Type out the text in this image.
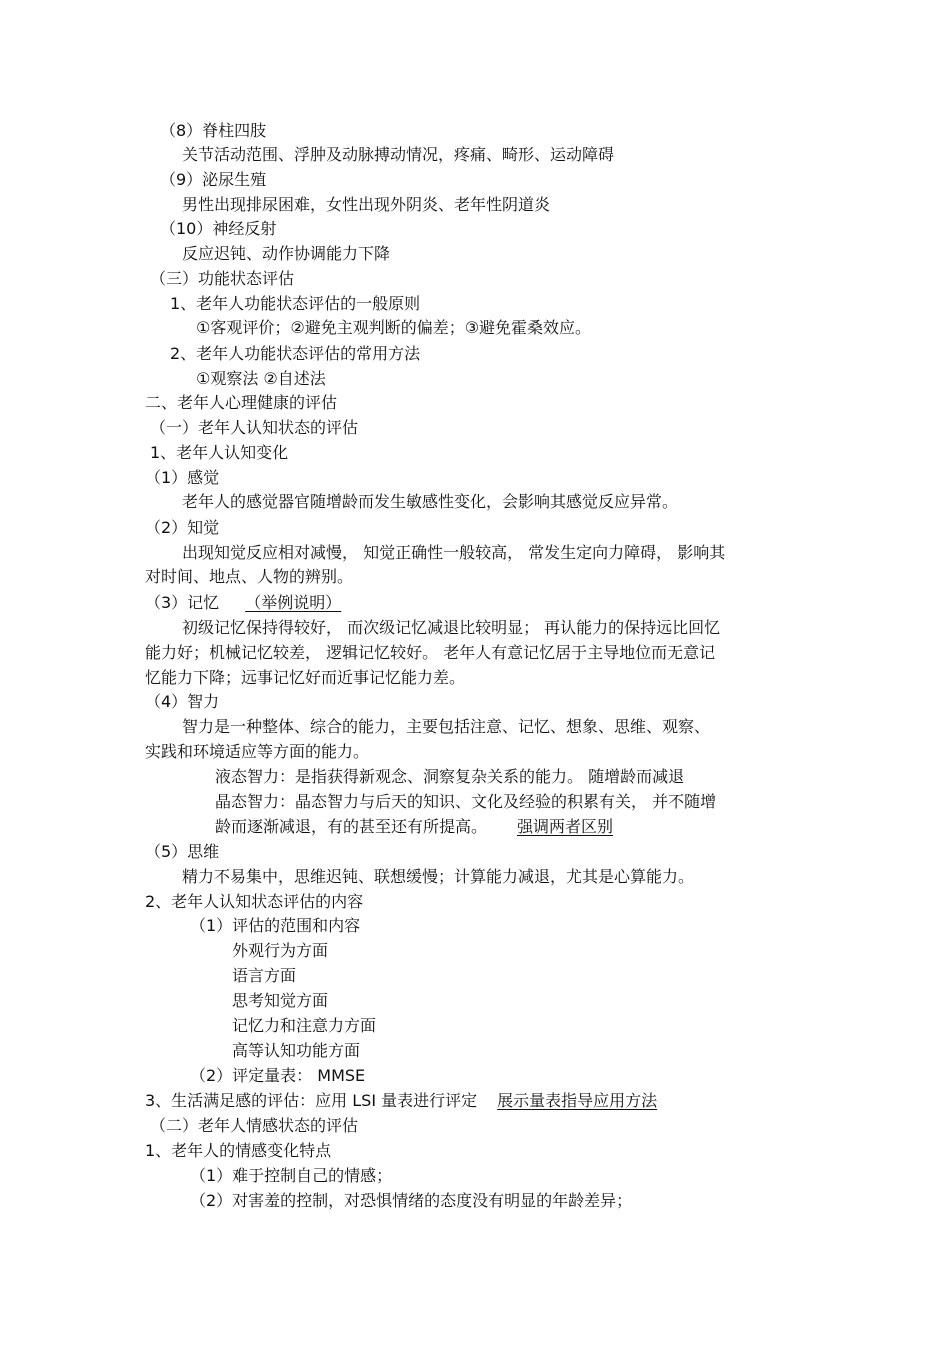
（8）脊柱四肢
关节活动范围、浮肿及动脉搏动情况，疼痛、畸形、运动障碍
（9）泌尿生殖
男性出现排尿困难，女性出现外阴炎、老年性阴道炎
（10）神经反射
反应迟钝、动作协调能力下降
（三）功能状态评估
1、老年人功能状态评估的一般原则
①客观评价；②避免主观判断的偏差；③避免霍桑效应。
2、老年人功能状态评估的常用方法
①观察法 ②自述法
二、老年人心理健康的评估
（一）老年人认知状态的评估
1、老年人认知变化
（1）感觉
老年人的感觉器官随增龄而发生敏感性变化，会影响其感觉反应异常。
（2）知觉
出现知觉反应相对减慢， 知觉正确性一般较高， 常发生定向力障碍， 影响其
对时间、地点、人物的辨别。
（3）记忆 （举例说明）
初级记忆保持得较好， 而次级记忆减退比较明显； 再认能力的保持远比回忆
能力好；机械记忆较差， 逻辑记忆较好。 老年人有意记忆居于主导地位而无意记
忆能力下降；远事记忆好而近事记忆能力差。
（4）智力
智力是一种整体、综合的能力，主要包括注意、记忆、想象、思维、观察、
实践和环境适应等方面的能力。
液态智力：是指获得新观念、洞察复杂关系的能力。 随增龄而减退
晶态智力：晶态智力与后天的知识、文化及经验的积累有关， 并不随增
龄而逐渐减退，有的甚至还有所提高。 强调两者区别
（5）思维
精力不易集中，思维迟钝、联想缓慢；计算能力减退，尤其是心算能力。
2、老年人认知状态评估的内容
（1）评估的范围和内容
外观行为方面
语言方面
思考知觉方面
记忆力和注意力方面
高等认知功能方面
（2）评定量表： MMSE
3、生活满足感的评估：应用 LSI 量表进行评定 展示量表指导应用方法
（二）老年人情感状态的评估
1、老年人的情感变化特点
（1）难于控制自己的情感；
（2）对害羞的控制，对恐惧情绪的态度没有明显的年龄差异；
